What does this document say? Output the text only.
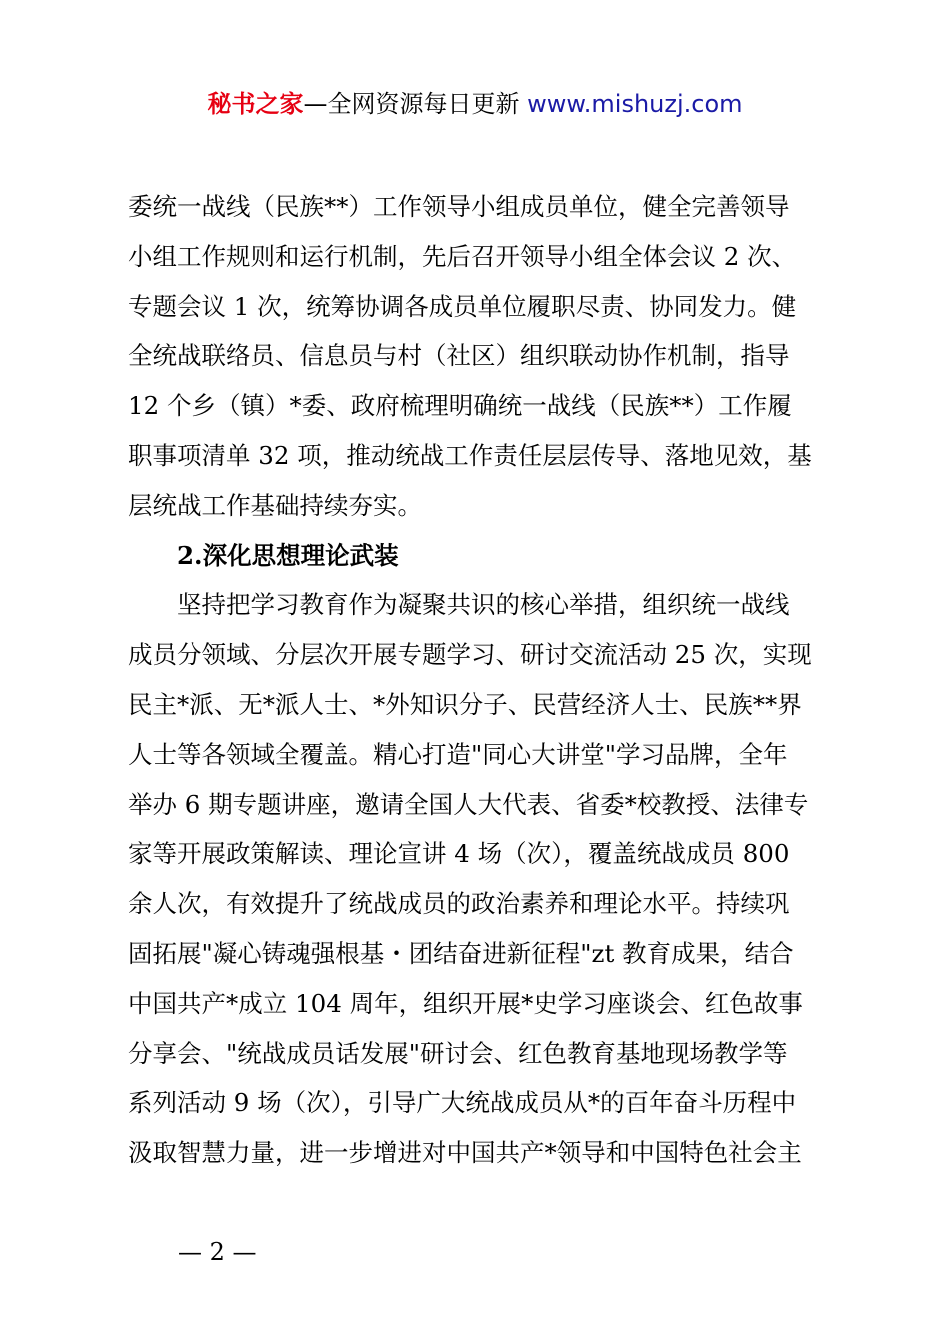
秘书之家—全网资源每日更新 www.mishuzj.com
委统一战线（民族**）工作领导小组成员单位，健全完善领导
小组工作规则和运行机制，先后召开领导小组全体会议 2 次、
专题会议 1 次，统筹协调各成员单位履职尽责、协同发力。健
全统战联络员、信息员与村（社区）组织联动协作机制，指导
12 个乡（镇）*委、政府梳理明确统一战线（民族**）工作履
职事项清单 32 项，推动统战工作责任层层传导、落地见效，基
层统战工作基础持续夯实。
2.深化思想理论武装
坚持把学习教育作为凝聚共识的核心举措，组织统一战线
成员分领域、分层次开展专题学习、研讨交流活动 25 次，实现
民主*派、无*派人士、*外知识分子、民营经济人士、民族**界
人士等各领域全覆盖。精心打造"同心大讲堂"学习品牌，全年
举办 6 期专题讲座，邀请全国人大代表、省委*校教授、法律专
家等开展政策解读、理论宣讲 4 场（次），覆盖统战成员 800
余人次，有效提升了统战成员的政治素养和理论水平。持续巩
固拓展"凝心铸魂强根基・团结奋进新征程"zt 教育成果，结合
中国共产*成立 104 周年，组织开展*史学习座谈会、红色故事
分享会、"统战成员话发展"研讨会、红色教育基地现场教学等
系列活动 9 场（次），引导广大统战成员从*的百年奋斗历程中
汲取智慧力量，进一步增进对中国共产*领导和中国特色社会主
— 2 —
